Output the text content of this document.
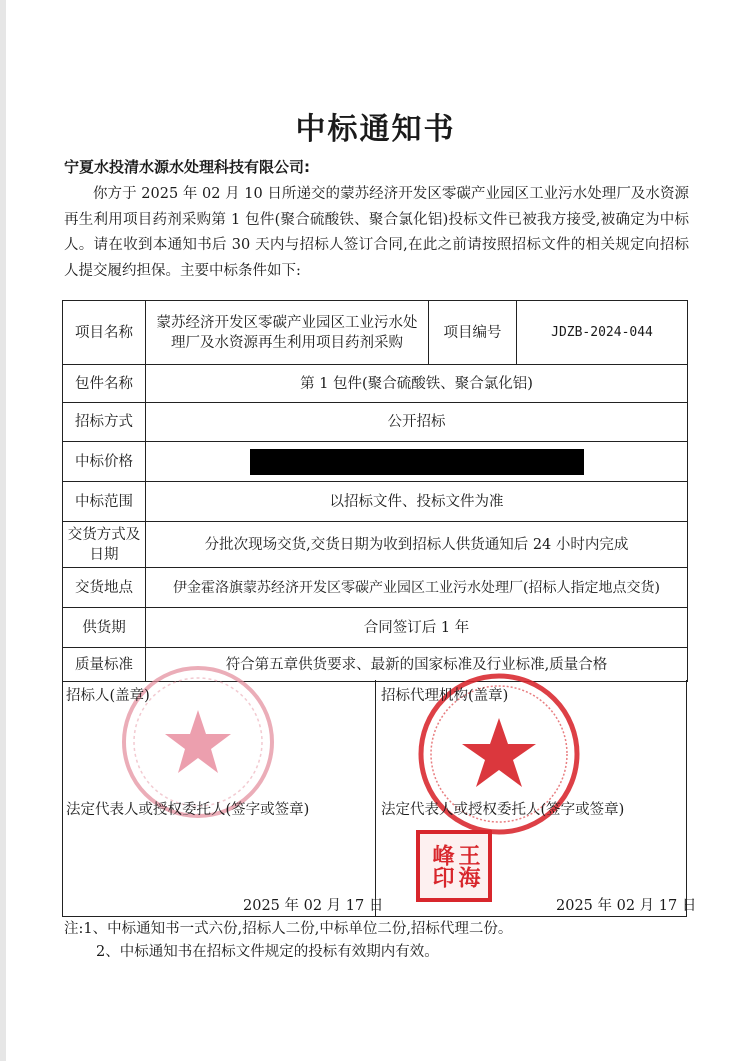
中标通知书
宁夏水投清水源水处理科技有限公司:
你方于 2025 年 02 月 10 日所递交的蒙苏经济开发区零碳产业园区工业污水处理厂及水资源再生利用项目药剂采购第 1 包件(聚合硫酸铁、聚合氯化铝)投标文件已被我方接受,被确定为中标人。请在收到本通知书后 30 天内与招标人签订合同,在此之前请按照招标文件的相关规定向招标人提交履约担保。主要中标条件如下:
项目名称	蒙苏经济开发区零碳产业园区工业污水处理厂及水资源再生利用项目药剂采购	项目编号	JDZB-2024-044
包件名称	第 1 包件(聚合硫酸铁、聚合氯化铝)		
招标方式	公开招标		
中标价格			
中标范围	以招标文件、投标文件为准		
交货方式及日期	分批次现场交货,交货日期为收到招标人供货通知后 24 小时内完成		
交货地点	伊金霍洛旗蒙苏经济开发区零碳产业园区工业污水处理厂(招标人指定地点交货)		
供货期	合同签订后 1 年		
质量标准	符合第五章供货要求、最新的国家标准及行业标准,质量合格		
王海
峰印
招标人(盖章)	招标代理机构(盖章)
法定代表人或授权委托人(签字或签章)	法定代表人或授权委托人(签字或签章)
2025 年 02 月 17 日	2025 年 02 月 17 日
注:1、中标通知书一式六份,招标人二份,中标单位二份,招标代理二份。
2、中标通知书在招标文件规定的投标有效期内有效。
